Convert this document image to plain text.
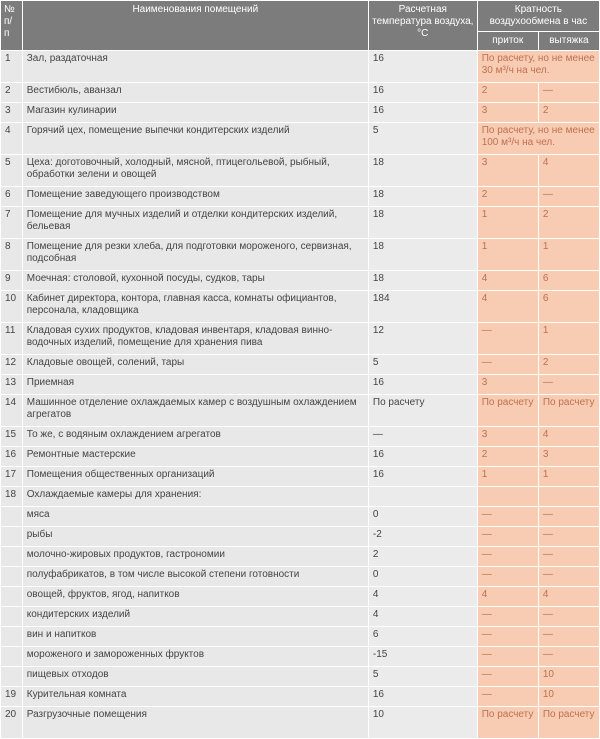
№ п/ п	Наименования помещений	Расчетная температура воздуха, °С	Кратность воздухообмена в час	
			приток	вытяжка
1	Зал, раздаточная	16	По расчету, но не менее 30 м³/ч на чел.	
2	Вестибюль, аванзал	16	2	—
3	Магазин кулинарии	16	3	2
4	Горячий цех, помещение выпечки кондитерских изделий	5	По расчету, но не менее 100 м³/ч на чел.	
5	Цеха: доготовочный, холодный, мясной, птицегольевой, рыбный, обработки зелени и овощей	18	3	4
6	Помещение заведующего производством	18	2	—
7	Помещение для мучных изделий и отделки кондитерских изделий, бельевая	18	1	2
8	Помещение для резки хлеба, для подготовки мороженого, сервизная, подсобная	18	1	1
9	Моечная: столовой, кухонной посуды, судков, тары	18	4	6
10	Кабинет директора, контора, главная касса, комнаты официантов, персонала, кладовщика	184	4	6
11	Кладовая сухих продуктов, кладовая инвентаря, кладовая винно-водочных изделий, помещение для хранения пива	12	—	1
12	Кладовые овощей, солений, тары	5	—	2
13	Приемная	16	3	—
14	Машинное отделение охлаждаемых камер с воздушным охлаждением агрегатов	По расчету	По расчету	По расчету
15	То же, с водяным охлаждением агрегатов	—	3	4
16	Ремонтные мастерские	16	2	3
17	Помещения общественных организаций	16	1	1
18	Охлаждаемые камеры для хранения:			
	мяса	0	—	—
	рыбы	-2	—	—
	молочно-жировых продуктов, гастрономии	2	—	—
	полуфабрикатов, в том числе высокой степени готовности	0	—	—
	овощей, фруктов, ягод, напитков	4	4	4
	кондитерских изделий	4	—	—
	вин и напитков	6	—	—
	мороженого и замороженных фруктов	-15	—	—
	пищевых отходов	5	—	10
19	Курительная комната	16	—	10
20	Разгрузочные помещения	10	По расчету	По расчету
